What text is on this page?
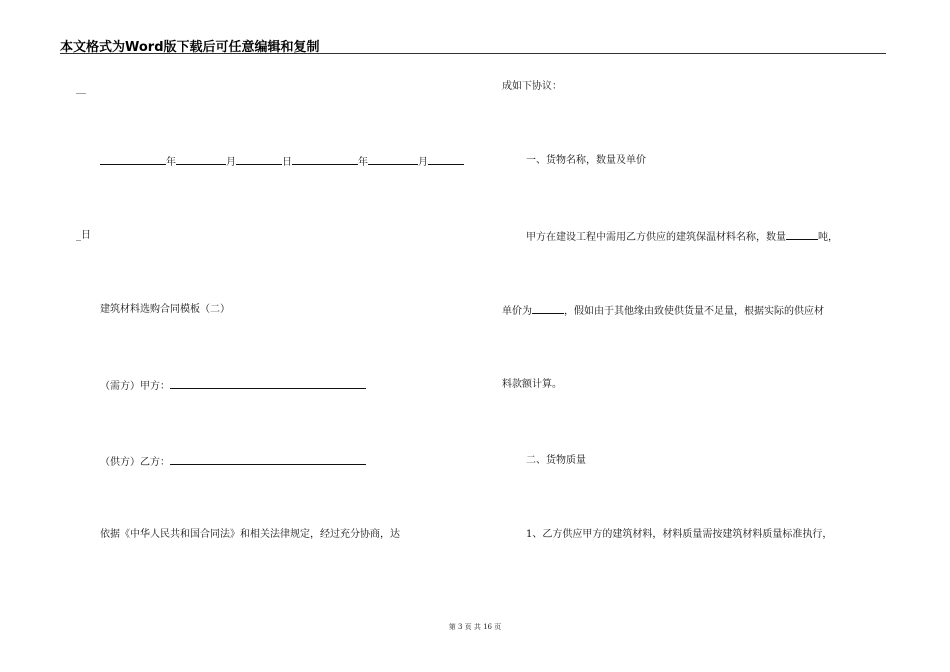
本文格式为Word版下载后可任意编辑和复制
__
年	月	日	年	月
_日
建筑材料选购合同模板（二）
（需方）甲方：
（供方）乙方：
依据《中华人民共和国合同法》和相关法律规定，经过充分协商，达
成如下协议：
一、货物名称，数量及单价
甲方在建设工程中需用乙方供应的建筑保温材料名称，数量	吨，
单价为	，假如由于其他缘由致使供货量不足量，根据实际的供应材
料款额计算。
二、货物质量
1、乙方供应甲方的建筑材料，材料质量需按建筑材料质量标准执行，
第 3 页 共 16 页
